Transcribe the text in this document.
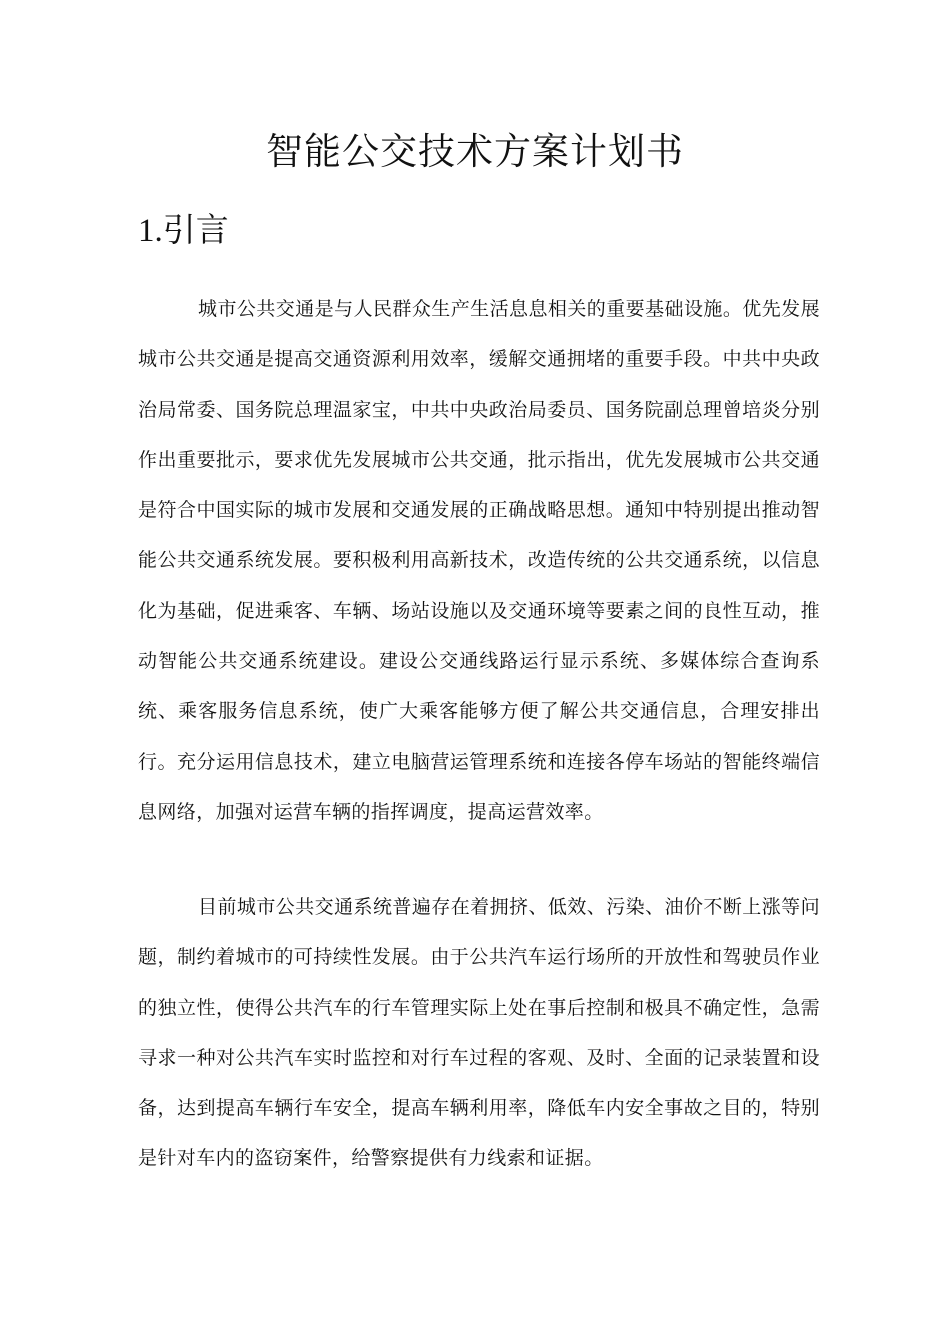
智能公交技术方案计划书
1.引言

城市公共交通是与人民群众生产生活息息相关的重要基础设施。优先发展城市公共交通是提高交通资源利用效率，缓解交通拥堵的重要手段。中共中央政治局常委、国务院总理温家宝，中共中央政治局委员、国务院副总理曾培炎分别作出重要批示，要求优先发展城市公共交通，批示指出，优先发展城市公共交通是符合中国实际的城市发展和交通发展的正确战略思想。通知中特别提出推动智能公共交通系统发展。要积极利用高新技术，改造传统的公共交通系统，以信息化为基础，促进乘客、车辆、场站设施以及交通环境等要素之间的良性互动，推动智能公共交通系统建设。建设公交通线路运行显示系统、多媒体综合查询系统、乘客服务信息系统，使广大乘客能够方便了解公共交通信息，合理安排出行。充分运用信息技术，建立电脑营运管理系统和连接各停车场站的智能终端信息网络，加强对运营车辆的指挥调度，提高运营效率。

目前城市公共交通系统普遍存在着拥挤、低效、污染、油价不断上涨等问题，制约着城市的可持续性发展。由于公共汽车运行场所的开放性和驾驶员作业的独立性，使得公共汽车的行车管理实际上处在事后控制和极具不确定性，急需寻求一种对公共汽车实时监控和对行车过程的客观、及时、全面的记录装置和设备，达到提高车辆行车安全，提高车辆利用率，降低车内安全事故之目的，特别是针对车内的盗窃案件，给警察提供有力线索和证据。
